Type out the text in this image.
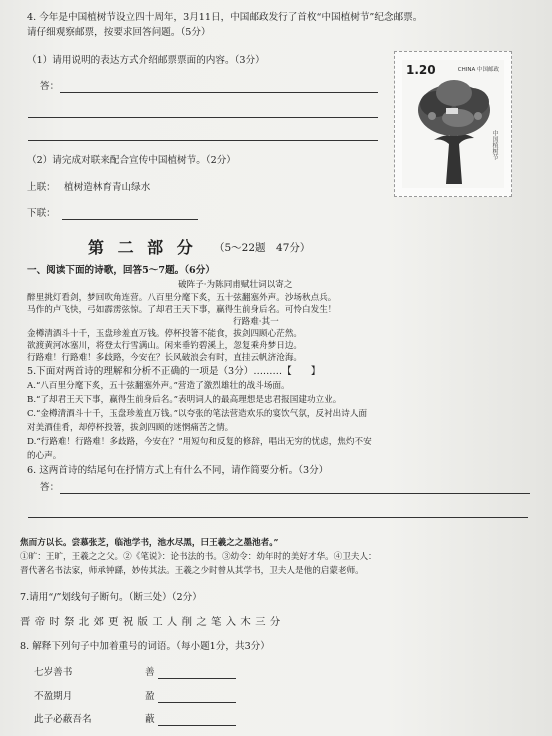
4. 今年是中国植树节设立四十周年，3月11日，中国邮政发行了首枚“中国植树节”纪念邮票。
请仔细观察邮票，按要求回答问题。（5分）
（1）请用说明的表达方式介绍邮票票面的内容。（3分）
答：
1.20	CHINA 中国邮政
中国植树节
（2）请完成对联来配合宣传中国植树节。（2分）
上联： 植树造林育青山绿水
下联：
第 二 部 分 （5～22题　47分）
一、阅读下面的诗歌，回答5～7题。（6分）
破阵子·为陈同甫赋壮词以寄之
醉里挑灯看剑，梦回吹角连营。八百里分麾下炙，五十弦翻塞外声。沙场秋点兵。
马作的卢飞快，弓如霹雳弦惊。了却君王天下事，赢得生前身后名。可怜白发生！
行路难·其一
金樽清酒斗十千，玉盘珍羞直万钱。停杯投箸不能食，拔剑四顾心茫然。
欲渡黄河冰塞川，将登太行雪满山。闲来垂钓碧溪上，忽复乘舟梦日边。
行路难！行路难！多歧路，今安在？长风破浪会有时，直挂云帆济沧海。
5.下面对两首诗的理解和分析不正确的一项是（3分）………【　　】
A.“八百里分麾下炙，五十弦翻塞外声。”营造了激烈雄壮的战斗场面。
B.“了却君王天下事，赢得生前身后名。”表明词人的最高理想是忠君报国建功立业。
C.“金樽清酒斗十千，玉盘珍羞直万钱。”以夸张的笔法营造欢乐的宴饮气氛，反衬出诗人面
对美酒佳肴，却停杯投箸，拔剑四顾的迷惘痛苦之情。
D.“行路难！行路难！多歧路，今安在？”用短句和反复的修辞，唱出无穷的忧虑，焦灼不安
的心声。
6. 这两首诗的结尾句在抒情方式上有什么不同，请作简要分析。（3分）
答：
焦而方以长。尝慕张芝，临池学书，池水尽黑，曰王羲之之墨池者。”
①旷：王旷，王羲之之父。②《笔说》：论书法的书。③幼令：幼年时的美好才华。④卫夫人：
晋代著名书法家，师承钟繇，妙传其法。王羲之少时曾从其学书，卫夫人是他的启蒙老师。
7.请用“/”划线句子断句。（断三处）（2分）
晋 帝 时 祭 北 郊 更 祝 版 工 人 削 之 笔 入 木 三 分
8. 解释下列句子中加着重号的词语。（每小题1分，共3分）
七岁善书	善
不盈期月	盈
此子必蔽吾名	蔽
